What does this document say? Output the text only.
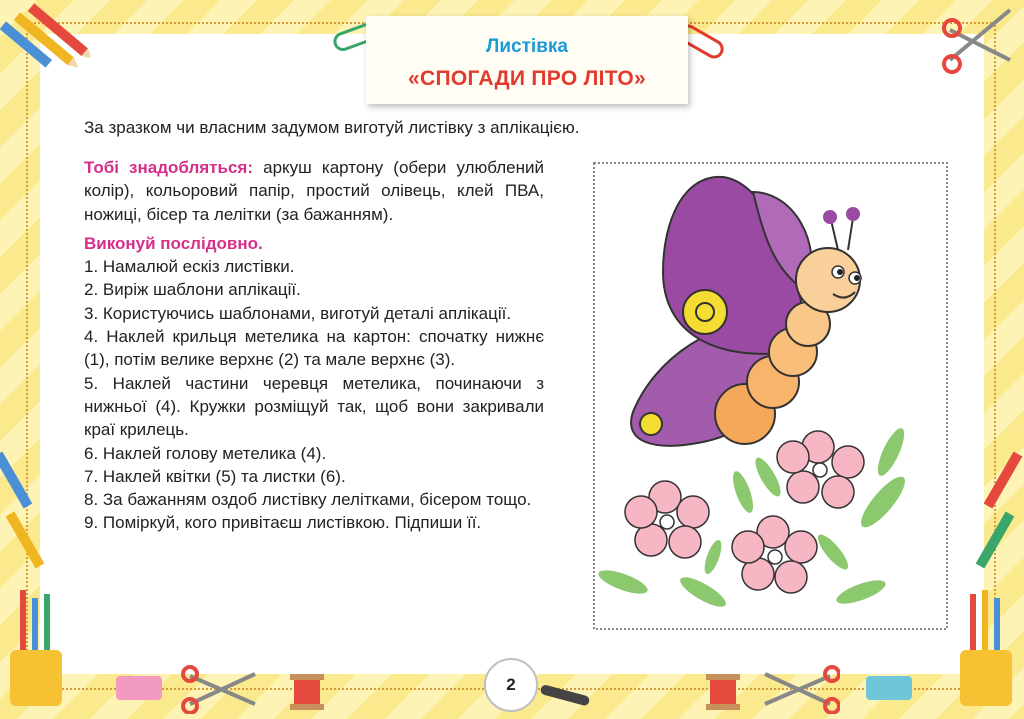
Листівка
«СПОГАДИ ПРО ЛІТО»
За зразком чи власним задумом виготуй листівку з аплікацією.

Тобі знадобляться: аркуш картону (обери улюблений колір), кольоровий папір, простий олівець, клей ПВА, ножиці, бісер та лелітки (за бажанням).

Виконуй послідовно.

1. Намалюй ескіз листівки.

2. Виріж шаблони аплікації.

3. Користуючись шаблонами, виготуй деталі аплікації.

4. Наклей крильця метелика на картон: спочатку нижнє (1), потім велике верхнє (2) та мале верхнє (3).

5. Наклей частини черевця метелика, починаючи з нижньої (4). Кружки розміщуй так, щоб вони закривали краї крилець.

6. Наклей голову метелика (4).

7. Наклей квітки (5) та листки (6).

8. За бажанням оздоб листівку лелітками, бісером тощо.

9. Поміркуй, кого привітаєш листівкою. Підпиши її.

2
